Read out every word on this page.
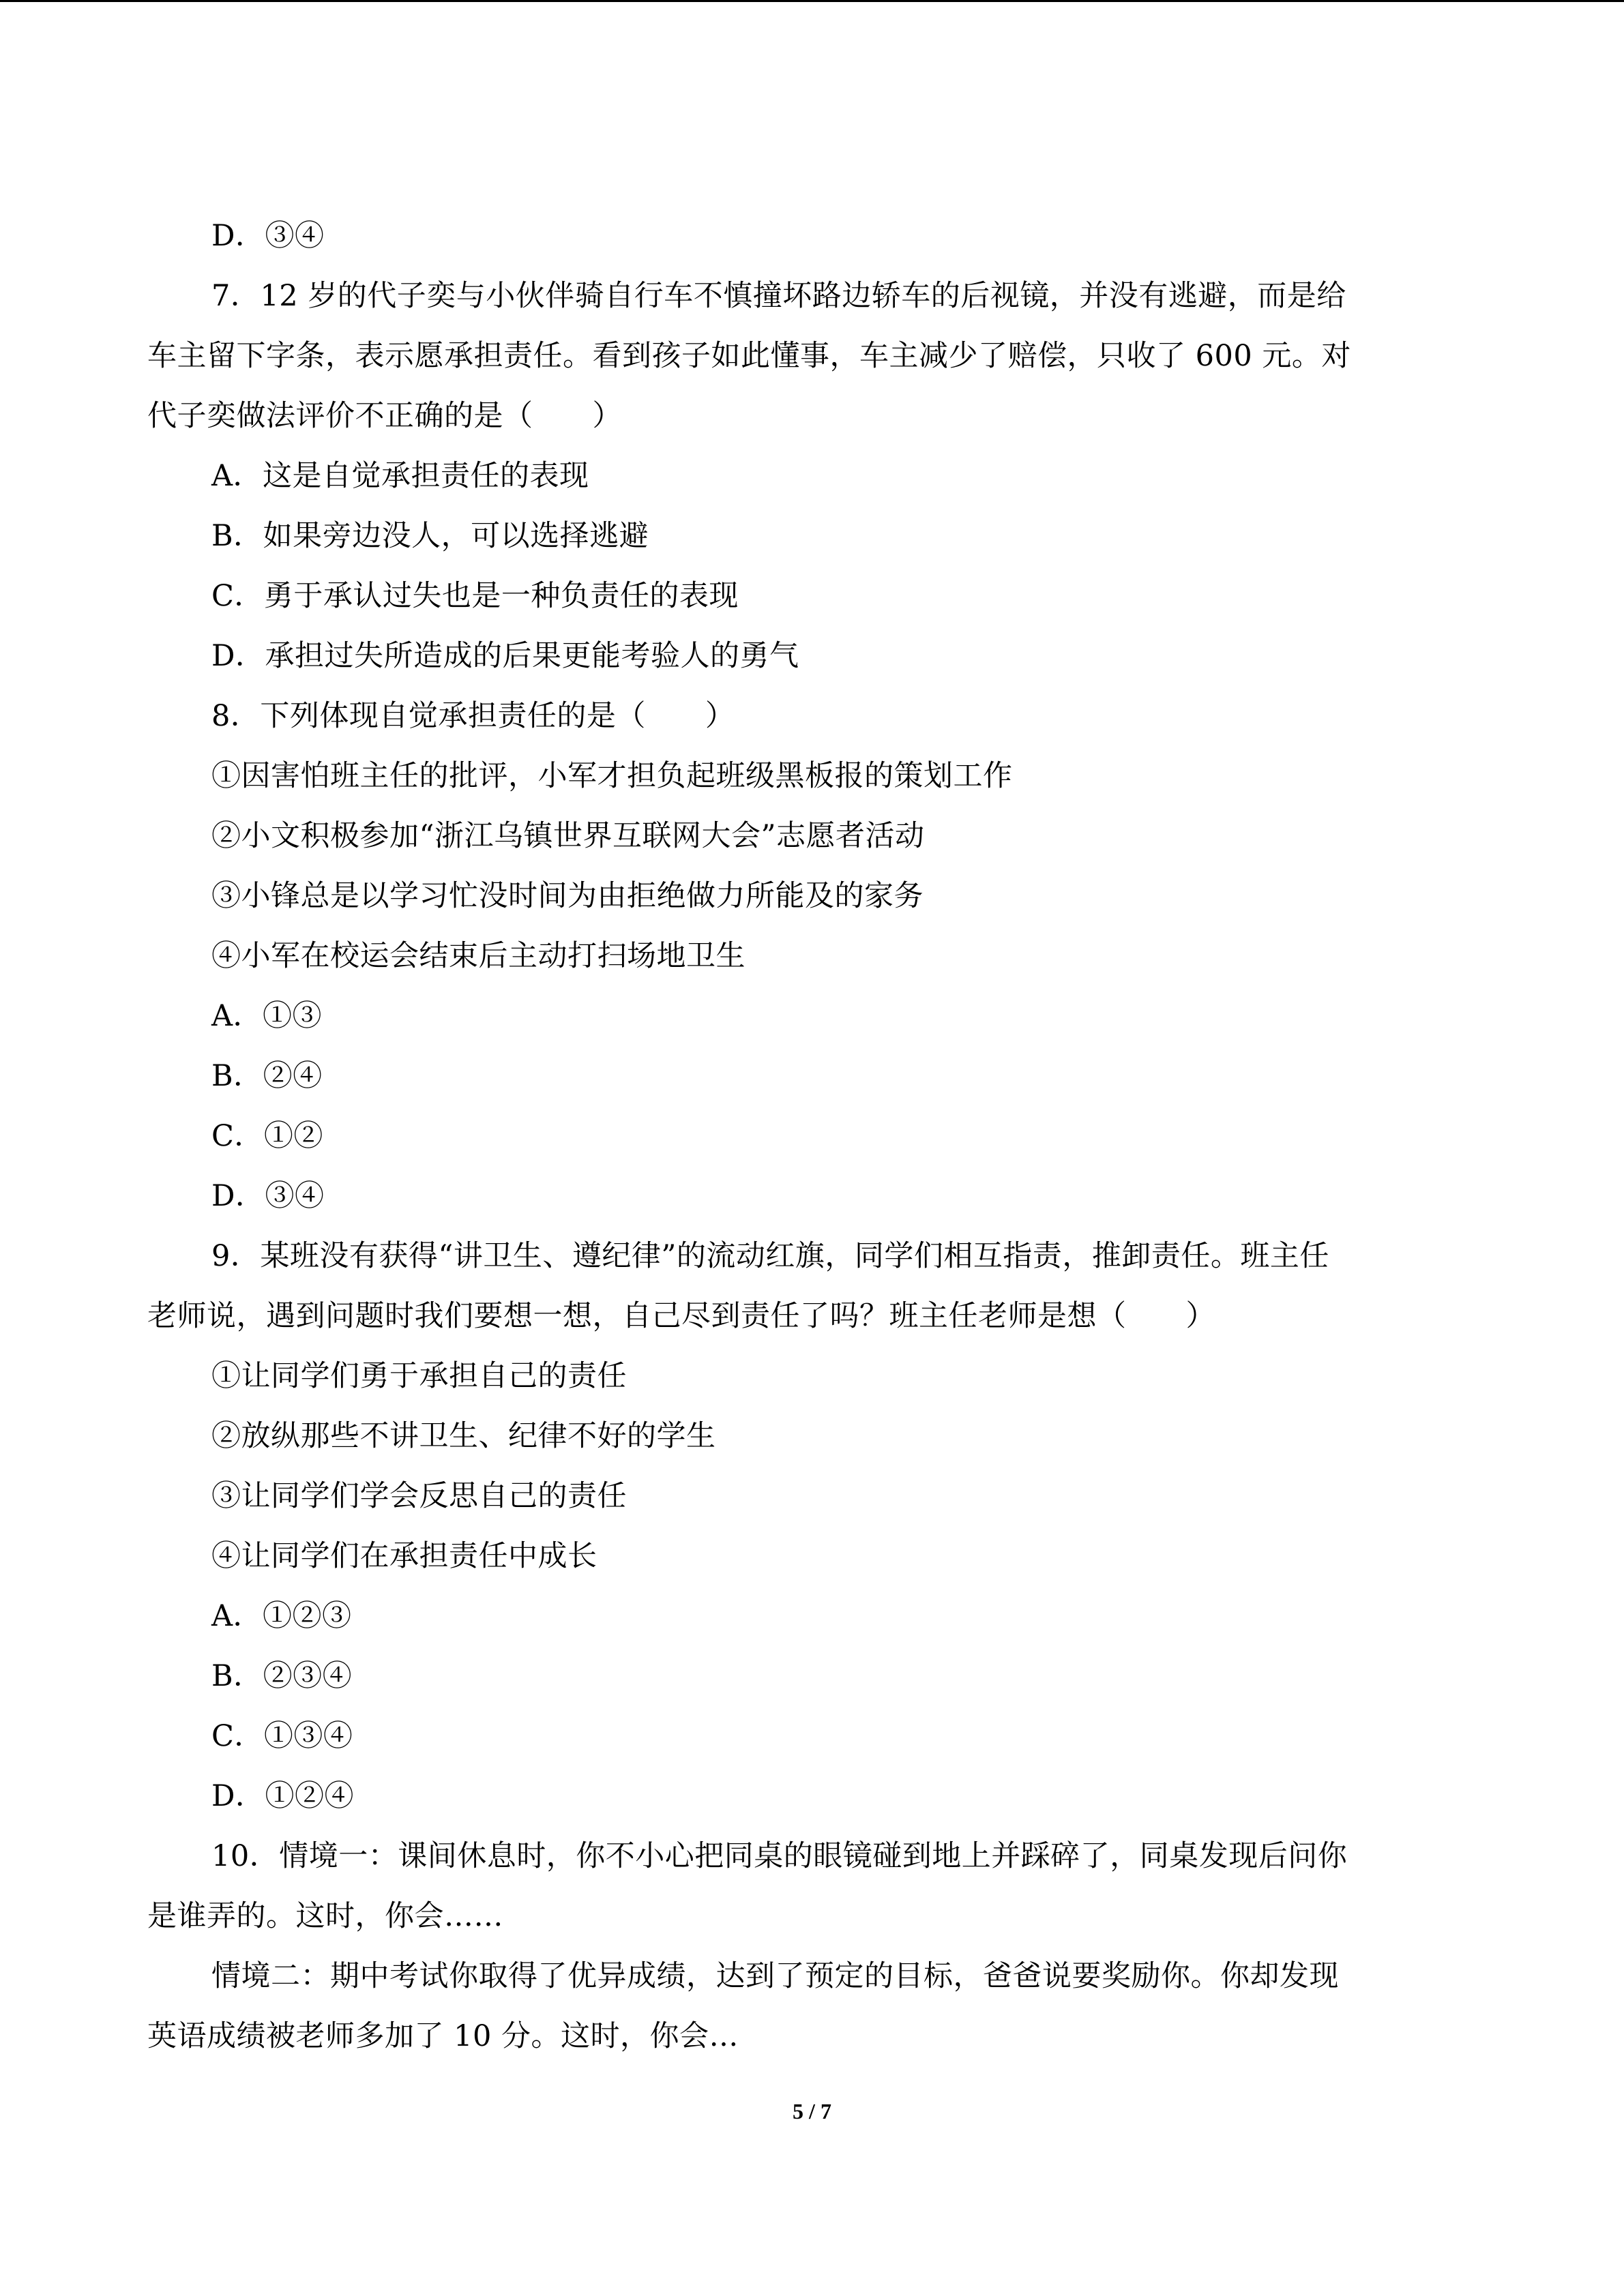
D．③④
7．12 岁的代子奕与小伙伴骑自行车不慎撞坏路边轿车的后视镜，并没有逃避，而是给
车主留下字条，表示愿承担责任。看到孩子如此懂事，车主减少了赔偿，只收了 600 元。对
代子奕做法评价不正确的是（　　）
A．这是自觉承担责任的表现
B．如果旁边没人，可以选择逃避
C．勇于承认过失也是一种负责任的表现
D．承担过失所造成的后果更能考验人的勇气
8．下列体现自觉承担责任的是（　　）
①因害怕班主任的批评，小军才担负起班级黑板报的策划工作
②小文积极参加“浙江乌镇世界互联网大会”志愿者活动
③小锋总是以学习忙没时间为由拒绝做力所能及的家务
④小军在校运会结束后主动打扫场地卫生
A．①③
B．②④
C．①②
D．③④
9．某班没有获得“讲卫生、遵纪律”的流动红旗，同学们相互指责，推卸责任。班主任
老师说，遇到问题时我们要想一想，自己尽到责任了吗？班主任老师是想（　　）
①让同学们勇于承担自己的责任
②放纵那些不讲卫生、纪律不好的学生
③让同学们学会反思自己的责任
④让同学们在承担责任中成长
A．①②③
B．②③④
C．①③④
D．①②④
10．情境一：课间休息时，你不小心把同桌的眼镜碰到地上并踩碎了，同桌发现后问你
是谁弄的。这时，你会……
情境二：期中考试你取得了优异成绩，达到了预定的目标，爸爸说要奖励你。你却发现
英语成绩被老师多加了 10 分。这时，你会…
5 / 7
